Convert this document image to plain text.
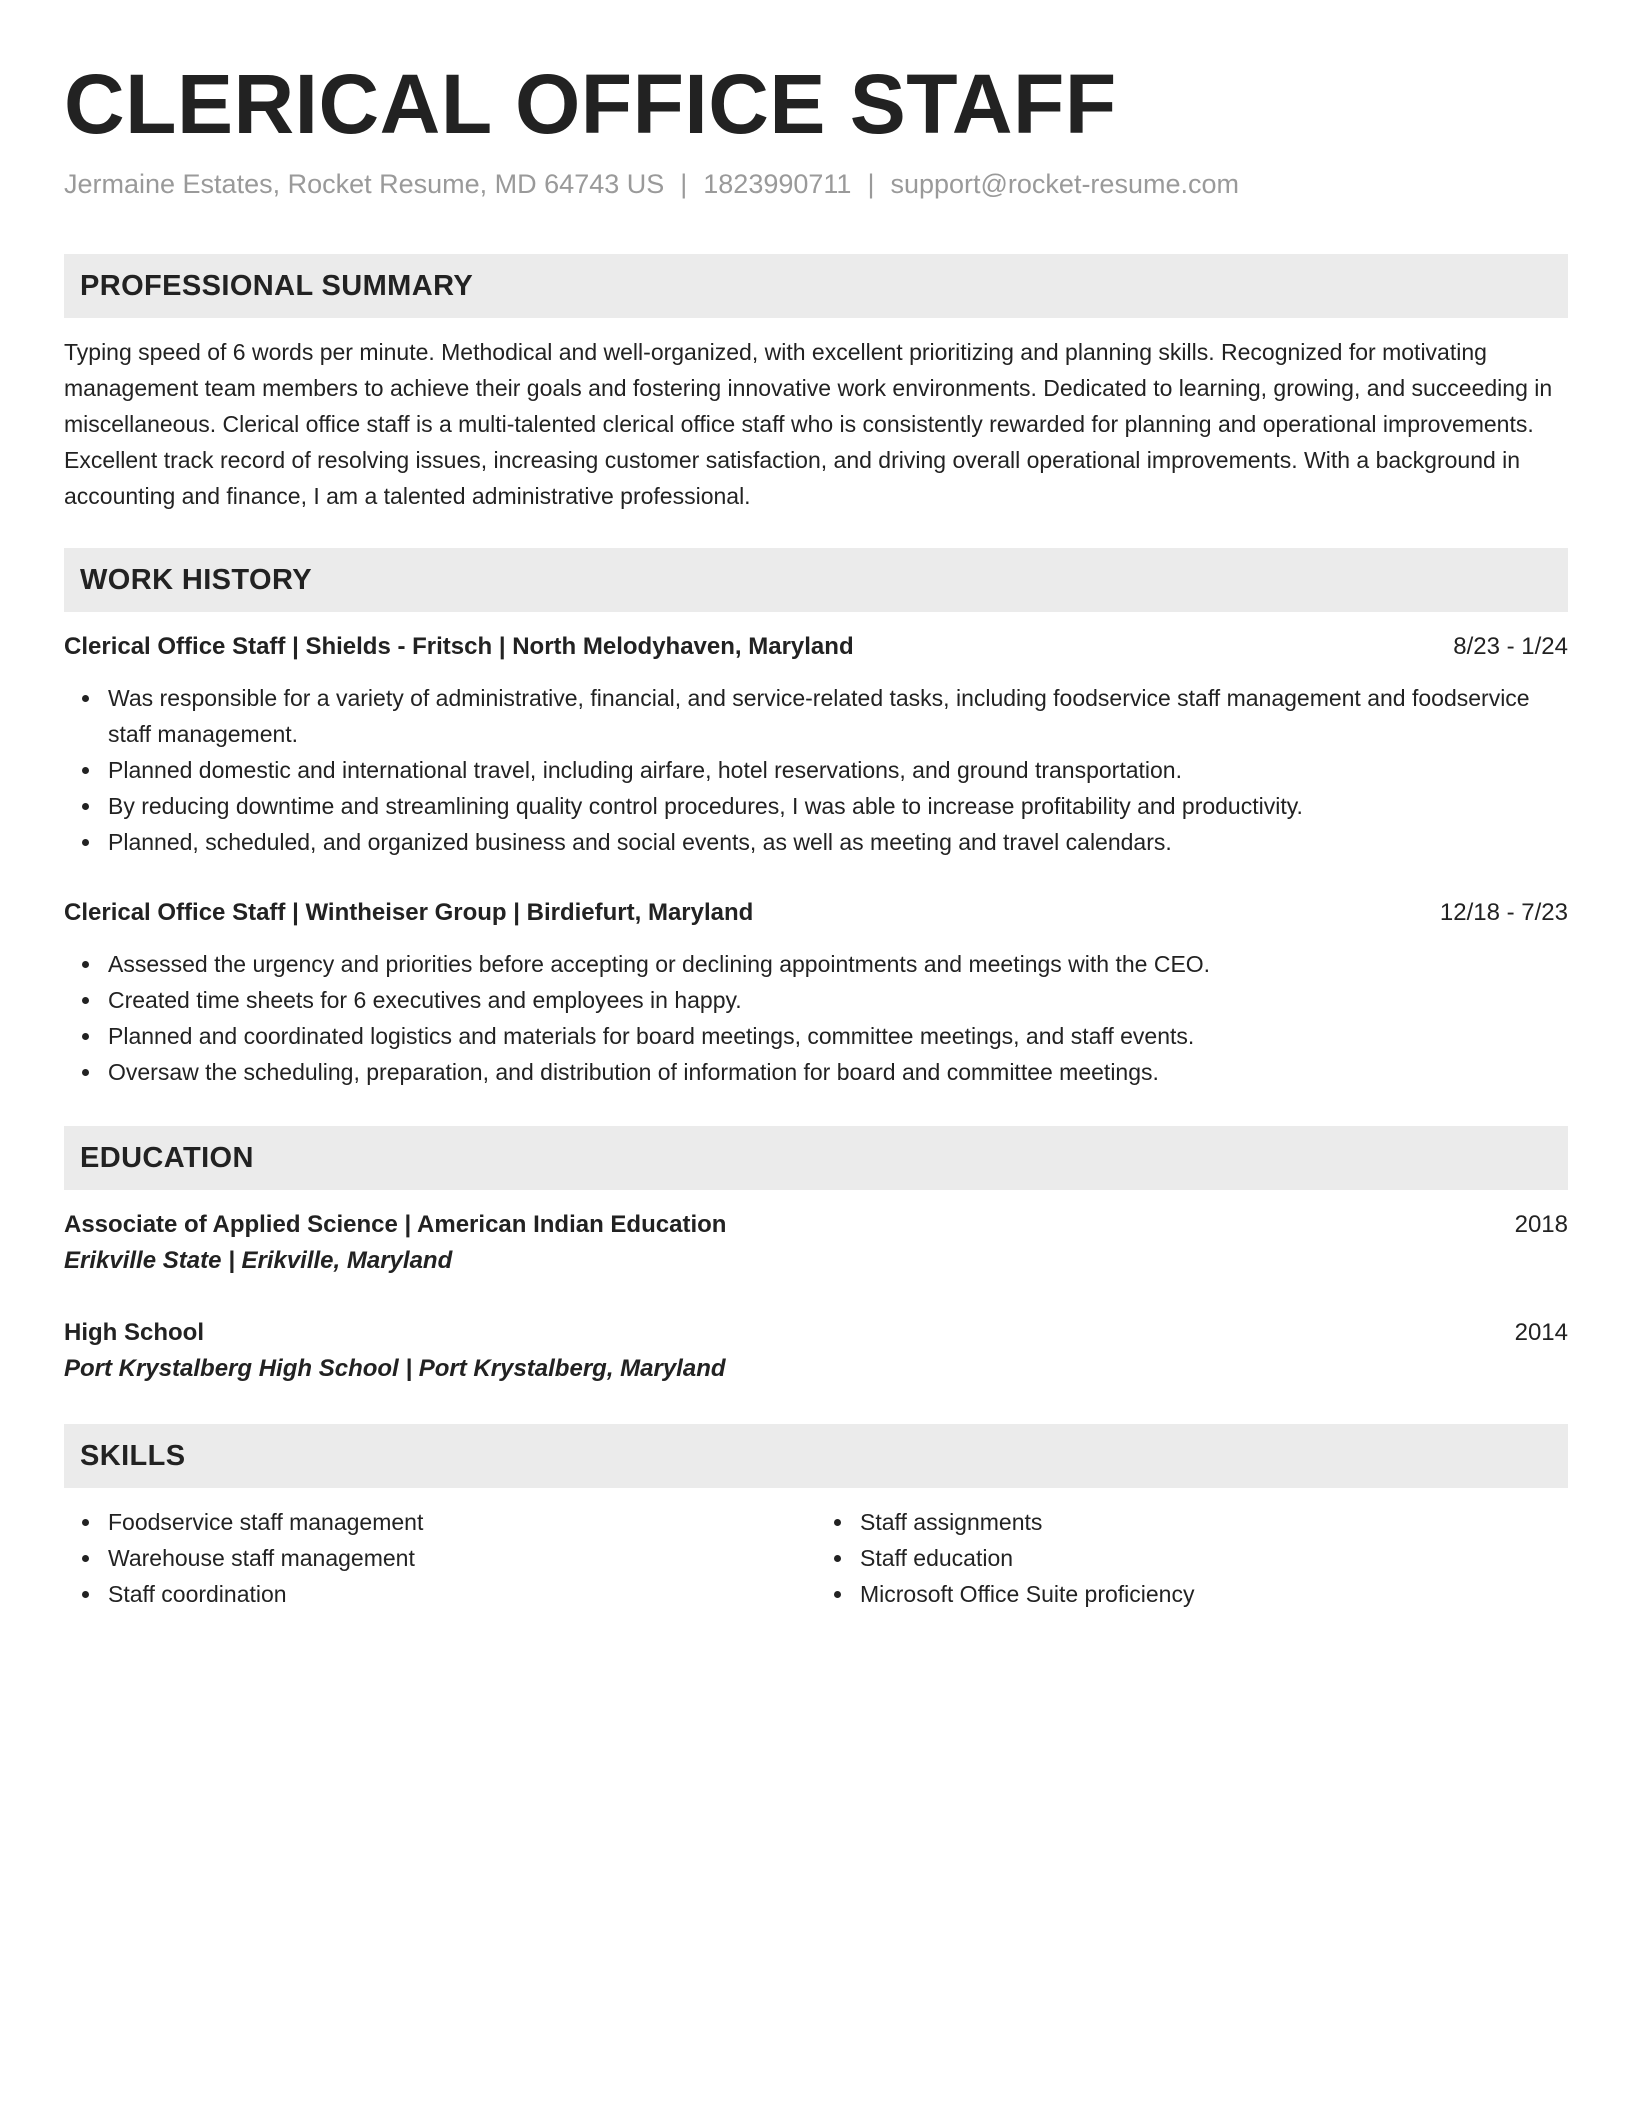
CLERICAL OFFICE STAFF
Jermaine Estates, Rocket Resume, MD 64743 US | 1823990711 | support@rocket-resume.com
PROFESSIONAL SUMMARY
Typing speed of 6 words per minute. Methodical and well-organized, with excellent prioritizing and planning skills. Recognized for motivating management team members to achieve their goals and fostering innovative work environments. Dedicated to learning, growing, and succeeding in miscellaneous. Clerical office staff is a multi-talented clerical office staff who is consistently rewarded for planning and operational improvements. Excellent track record of resolving issues, increasing customer satisfaction, and driving overall operational improvements. With a background in accounting and finance, I am a talented administrative professional.
WORK HISTORY
Clerical Office Staff | Shields - Fritsch | North Melodyhaven, Maryland	8/23 - 1/24
Was responsible for a variety of administrative, financial, and service-related tasks, including foodservice staff management and foodservice staff management.
Planned domestic and international travel, including airfare, hotel reservations, and ground transportation.
By reducing downtime and streamlining quality control procedures, I was able to increase profitability and productivity.
Planned, scheduled, and organized business and social events, as well as meeting and travel calendars.
Clerical Office Staff | Wintheiser Group | Birdiefurt, Maryland	12/18 - 7/23
Assessed the urgency and priorities before accepting or declining appointments and meetings with the CEO.
Created time sheets for 6 executives and employees in happy.
Planned and coordinated logistics and materials for board meetings, committee meetings, and staff events.
Oversaw the scheduling, preparation, and distribution of information for board and committee meetings.
EDUCATION
Associate of Applied Science | American Indian Education	2018
Erikville State | Erikville, Maryland
High School	2014
Port Krystalberg High School | Port Krystalberg, Maryland
SKILLS
Foodservice staff management
Warehouse staff management
Staff coordination
Staff assignments
Staff education
Microsoft Office Suite proficiency
